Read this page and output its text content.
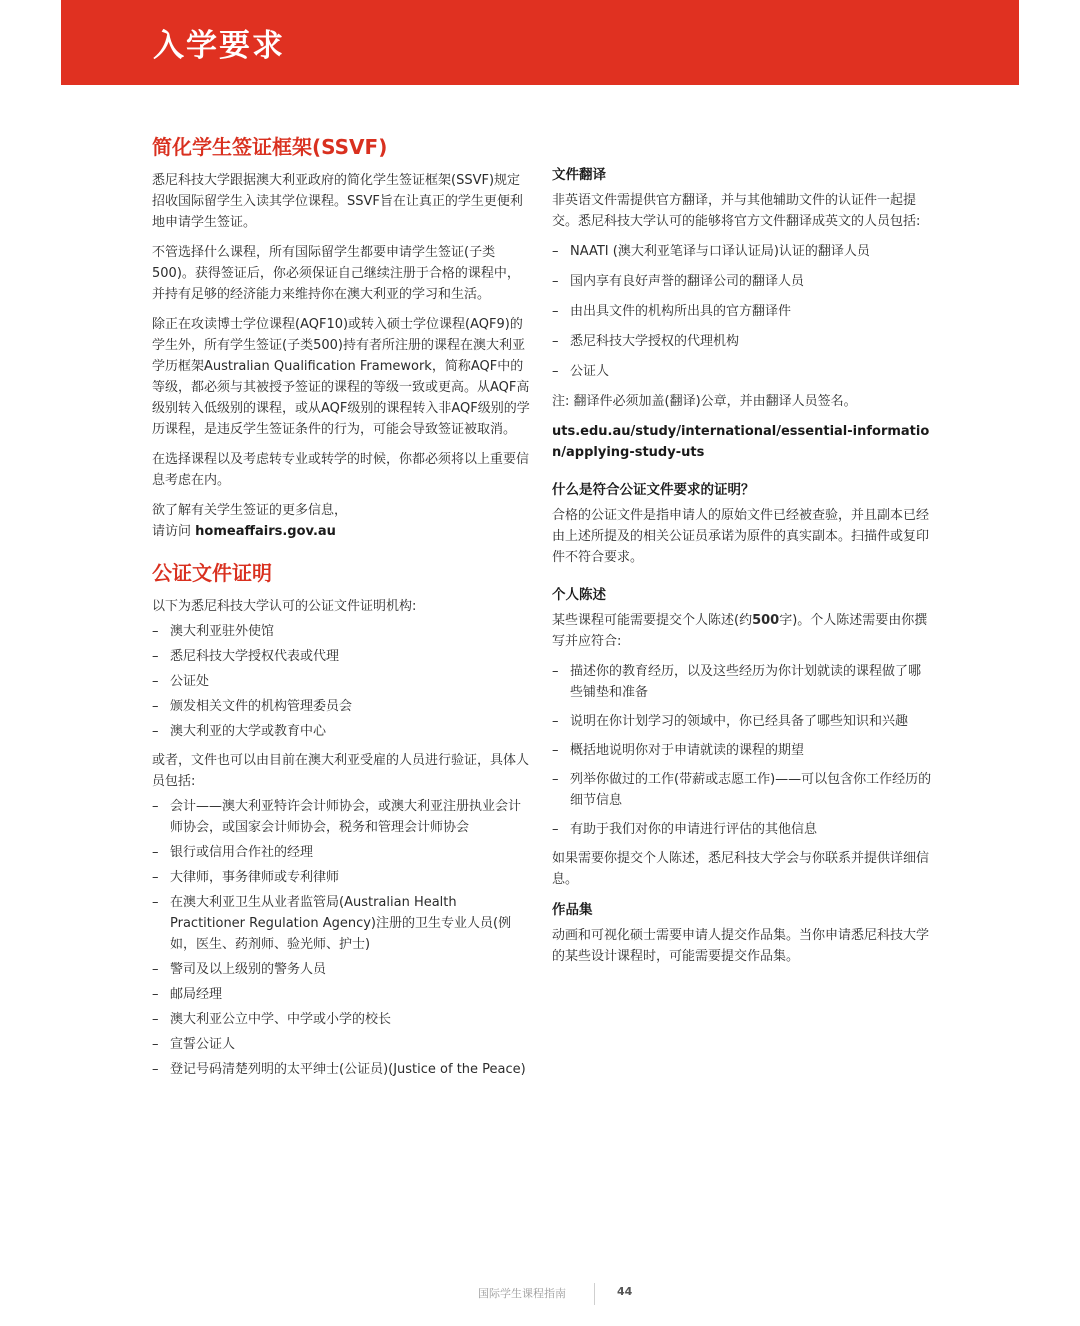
入学要求
简化学生签证框架(SSVF)

悉尼科技大学跟据澳大利亚政府的简化学生签证框架(SSVF)规定招收国际留学生入读其学位课程。SSVF旨在让真正的学生更便利地申请学生签证。

不管选择什么课程，所有国际留学生都要申请学生签证(子类500)。获得签证后，你必须保证自己继续注册于合格的课程中，并持有足够的经济能力来维持你在澳大利亚的学习和生活。

除正在攻读博士学位课程(AQF10)或转入硕士学位课程(AQF9)的学生外，所有学生签证(子类500)持有者所注册的课程在澳大利亚学历框架Australian Qualification Framework，简称AQF中的等级，都必须与其被授予签证的课程的等级一致或更高。从AQF高级别转入低级别的课程，或从AQF级别的课程转入非AQF级别的学历课程，是违反学生签证条件的行为，可能会导致签证被取消。

在选择课程以及考虑转专业或转学的时候，你都必须将以上重要信息考虑在内。

欲了解有关学生签证的更多信息，
请访问 homeaffairs.gov.au

公证文件证明

以下为悉尼科技大学认可的公证文件证明机构:

– 澳大利亚驻外使馆
– 悉尼科技大学授权代表或代理
– 公证处
– 颁发相关文件的机构管理委员会
– 澳大利亚的大学或教育中心

或者，文件也可以由目前在澳大利亚受雇的人员进行验证，具体人员包括:

– 会计——澳大利亚特许会计师协会，或澳大利亚注册执业会计师协会，或国家会计师协会，税务和管理会计师协会
– 银行或信用合作社的经理
– 大律师，事务律师或专利律师
– 在澳大利亚卫生从业者监管局(Australian Health Practitioner Regulation Agency)注册的卫生专业人员(例如，医生、药剂师、验光师、护士)
– 警司及以上级别的警务人员
– 邮局经理
– 澳大利亚公立中学、中学或小学的校长
– 宣誓公证人
– 登记号码清楚列明的太平绅士(公证员)(Justice of the Peace)
文件翻译

非英语文件需提供官方翻译，并与其他辅助文件的认证件一起提交。悉尼科技大学认可的能够将官方文件翻译成英文的人员包括:

– NAATI (澳大利亚笔译与口译认证局)认证的翻译人员
– 国内享有良好声誉的翻译公司的翻译人员
– 由出具文件的机构所出具的官方翻译件
– 悉尼科技大学授权的代理机构
– 公证人

注: 翻译件必须加盖(翻译)公章，并由翻译人员签名。

uts.edu.au/study/international/essential-information/applying-study-uts

什么是符合公证文件要求的证明？

合格的公证文件是指申请人的原始文件已经被查验，并且副本已经由上述所提及的相关公证员承诺为原件的真实副本。扫描件或复印件不符合要求。

个人陈述

某些课程可能需要提交个人陈述(约500字)。个人陈述需要由你撰写并应符合:

– 描述你的教育经历，以及这些经历为你计划就读的课程做了哪些铺垫和准备
– 说明在你计划学习的领域中，你已经具备了哪些知识和兴趣
– 概括地说明你对于申请就读的课程的期望
– 列举你做过的工作(带薪或志愿工作)——可以包含你工作经历的细节信息
– 有助于我们对你的申请进行评估的其他信息

如果需要你提交个人陈述，悉尼科技大学会与你联系并提供详细信息。

作品集

动画和可视化硕士需要申请人提交作品集。当你申请悉尼科技大学的某些设计课程时，可能需要提交作品集。

国际学生课程指南	44
